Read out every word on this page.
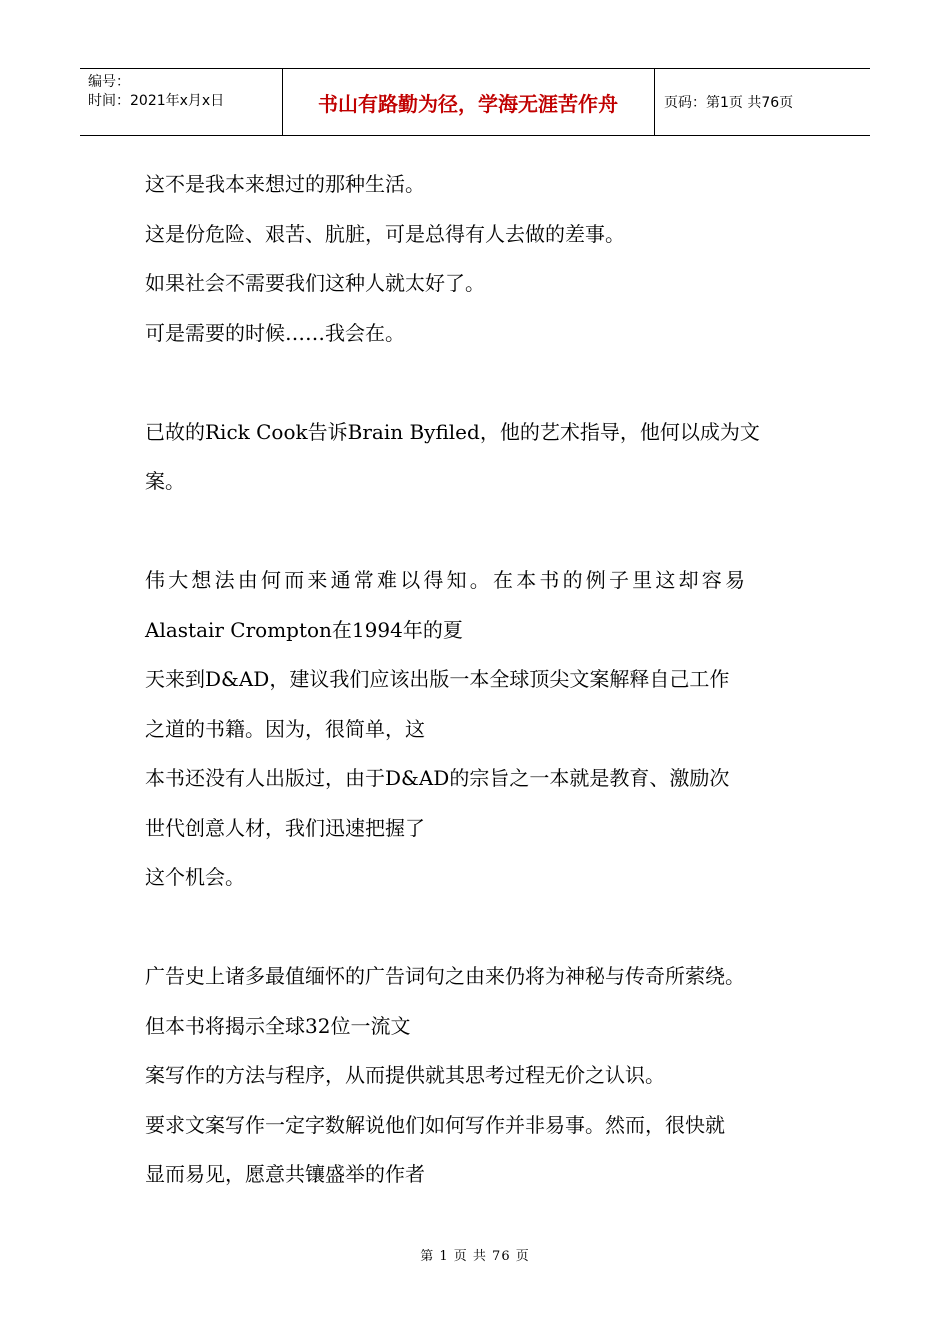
编号：
时间：2021年x月x日	书山有路勤为径，学海无涯苦作舟	页码：第1页 共76页
这不是我本来想过的那种生活。
这是份危险、艰苦、肮脏，可是总得有人去做的差事。
如果社会不需要我们这种人就太好了。
可是需要的时候……我会在。
已故的Rick Cook告诉Brain Byfiled，他的艺术指导，他何以成为文
案。
伟大想法由何而来通常难以得知。在本书的例子里这却容易
Alastair Crompton在1994年的夏
天来到D&AD，建议我们应该出版一本全球顶尖文案解释自己工作
之道的书籍。因为，很简单，这
本书还没有人出版过，由于D&AD的宗旨之一本就是教育、激励次
世代创意人材，我们迅速把握了
这个机会。
广告史上诸多最值缅怀的广告词句之由来仍将为神秘与传奇所萦绕。
但本书将揭示全球32位一流文
案写作的方法与程序，从而提供就其思考过程无价之认识。
要求文案写作一定字数解说他们如何写作并非易事。然而，很快就
显而易见，愿意共镶盛举的作者
第 1 页 共 76 页
